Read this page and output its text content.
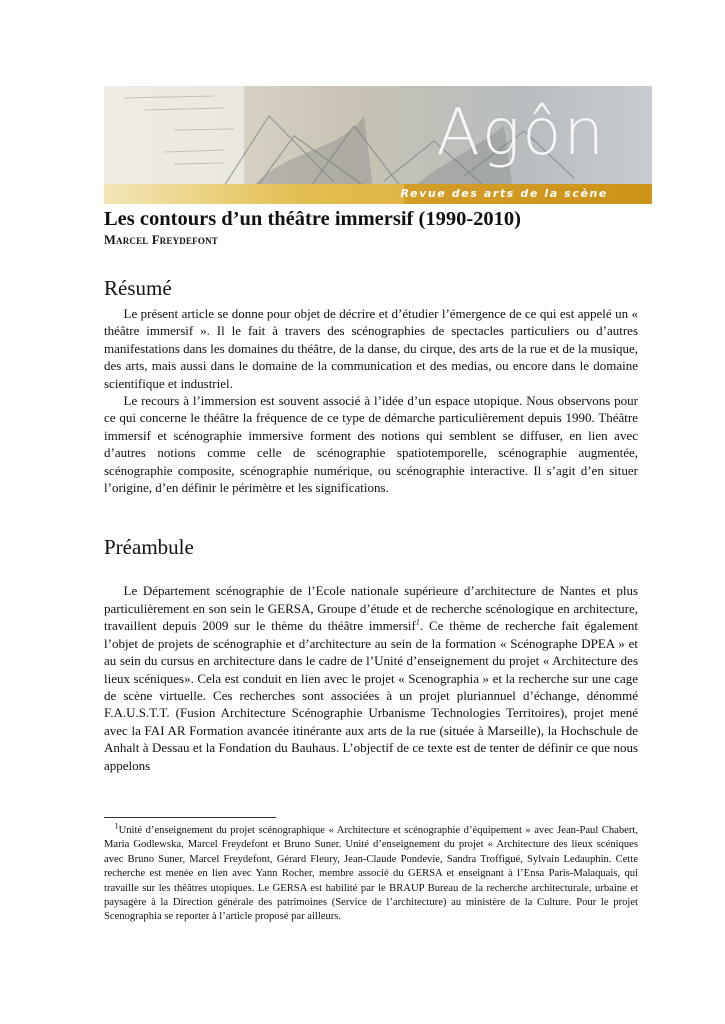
Agôn
Revue des arts de la scène
Les contours d’un théâtre immersif (1990-2010)

Marcel Freydefont

Résumé

  Le présent article se donne pour objet de décrire et d’étudier l’émergence de ce qui est appelé un « théâtre immersif ». Il le fait à travers des scénographies de spectacles particuliers ou d’autres manifestations dans les domaines du théâtre, de la danse, du cirque, des arts de la rue et de la musique, des arts, mais aussi dans le domaine de la communication et des medias, ou encore dans le domaine scientifique et industriel.

  Le recours à l’immersion est souvent associé à l’idée d’un espace utopique. Nous observons pour ce qui concerne le théâtre la fréquence de ce type de démarche particulièrement depuis 1990. Théâtre immersif et scénographie immersive forment des notions qui semblent se diffuser, en lien avec d’autres notions comme celle de scénographie spatiotemporelle, scénographie augmentée, scénographie composite, scénographie numérique, ou scénographie interactive. Il s’agit d’en situer l’origine, d’en définir le périmètre et les significations.

Préambule

  Le Département scénographie de l’Ecole nationale supérieure d’architecture de Nantes et plus particulièrement en son sein le GERSA, Groupe d’étude et de recherche scénologique en architecture, travaillent depuis 2009 sur le thème du théâtre immersif$^1$. Ce thème de recherche fait également l’objet de projets de scénographie et d’architecture au sein de la formation « Scénographe DPEA » et au sein du cursus en architecture dans le cadre de l’Unité d’enseignement du projet « Architecture des lieux scéniques». Cela est conduit en lien avec le projet « Scenographia » et la recherche sur une cage de scène virtuelle. Ces recherches sont associées à un projet pluriannuel d’échange, dénommé F.A.U.S.T.T. (Fusion Architecture Scénographie Urbanisme Technologies Territoires), projet mené avec la FAI AR Formation avancée itinérante aux arts de la rue (située à Marseille), la Hochschule de Anhalt à Dessau et la Fondation du Bauhaus. L’objectif de ce texte est de tenter de définir ce que nous appelons

 $^1$Unité d’enseignement du projet scénographique « Architecture et scénographie d’équipement » avec Jean-Paul Chabert, Maria Godlewska, Marcel Freydefont et Bruno Suner. Unité d’enseignement du projet « Architecture des lieux scéniques avec Bruno Suner, Marcel Freydefont, Gérard Fleury, Jean-Claude Pondevie, Sandra Troffigué, Sylvain Ledauphin. Cette recherche est menée en lien avec Yann Rocher, membre associé du GERSA et enseignant à l’Ensa Paris-Malaquais, qui travaille sur les théâtres utopiques. Le GERSA est habilité par le BRAUP Bureau de la recherche architecturale, urbaine et paysagère à la Direction générale des patrimoines (Service de l’architecture) au ministère de la Culture. Pour le projet Scenographia se reporter à l’article proposé par ailleurs.
